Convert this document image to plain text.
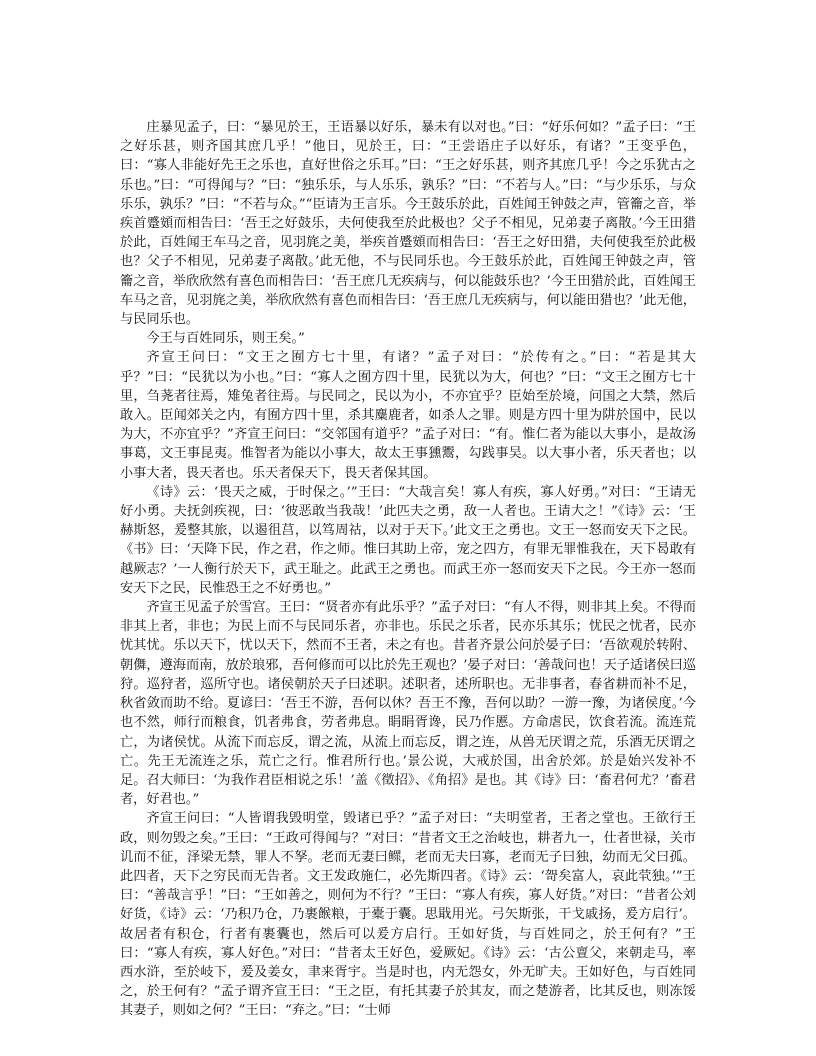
庄暴见孟子，曰：“暴见於王，王语暴以好乐，暴未有以对也。”曰：“好乐何如？”孟子曰：“王之好乐甚，则齐国其庶几乎！”他日，见於王，曰：“王尝语庄子以好乐，有诸？”王变乎色，曰：“寡人非能好先王之乐也，直好世俗之乐耳。”曰：“王之好乐甚，则齐其庶几乎！今之乐犹古之乐也。”曰：“可得闻与？”曰：“独乐乐，与人乐乐，孰乐？”曰：“不若与人。”曰：“与少乐乐，与众乐乐，孰乐？”曰：“不若与众。”“臣请为王言乐。今王鼓乐於此，百姓闻王钟鼓之声，管籥之音，举疾首蹙頞而相告曰：‘吾王之好鼓乐，夫何使我至於此极也？父子不相见，兄弟妻子离散。’今王田猎於此，百姓闻王车马之音，见羽旄之美，举疾首蹙頞而相告曰：‘吾王之好田猎，夫何使我至於此极也？父子不相见，兄弟妻子离散。’此无他，不与民同乐也。今王鼓乐於此，百姓闻王钟鼓之声，管籥之音，举欣欣然有喜色而相告曰：‘吾王庶几无疾病与，何以能鼓乐也？’今王田猎於此，百姓闻王车马之音，见羽旄之美，举欣欣然有喜色而相告曰：‘吾王庶几无疾病与，何以能田猎也？’此无他，与民同乐也。

今王与百姓同乐，则王矣。”

齐宣王问曰：“文王之囿方七十里，有诸？”孟子对曰：“於传有之。”曰：“若是其大乎？”曰：“民犹以为小也。”曰：“寡人之囿方四十里，民犹以为大，何也？”曰：“文王之囿方七十里，刍荛者往焉，雉兔者往焉。与民同之，民以为小，不亦宜乎？臣始至於境，问国之大禁，然后敢入。臣闻郊关之内，有囿方四十里，杀其麋鹿者，如杀人之罪。则是方四十里为阱於国中，民以为大，不亦宜乎？”齐宣王问曰：“交邻国有道乎？”孟子对曰：“有。惟仁者为能以大事小，是故汤事葛，文王事昆夷。惟智者为能以小事大，故太王事獯鬻，勾践事吴。以大事小者，乐天者也；以小事大者，畏天者也。乐天者保天下，畏天者保其国。

《诗》云：‘畏天之威，于时保之。’”王曰：“大哉言矣！寡人有疾，寡人好勇。”对曰：“王请无好小勇。夫抚剑疾视，曰：‘彼恶敢当我哉！’此匹夫之勇，敌一人者也。王请大之！”《诗》云：‘王赫斯怒，爰整其旅，以遏徂莒，以笃周祜，以对于天下。’此文王之勇也。文王一怒而安天下之民。《书》曰：‘天降下民，作之君，作之师。惟曰其助上帝，宠之四方，有罪无罪惟我在，天下曷敢有越厥志？’一人衡行於天下，武王耻之。此武王之勇也。而武王亦一怒而安天下之民。今王亦一怒而安天下之民，民惟恐王之不好勇也。”

齐宣王见孟子於雪宫。王曰：“贤者亦有此乐乎？”孟子对曰：“有人不得，则非其上矣。不得而非其上者，非也；为民上而不与民同乐者，亦非也。乐民之乐者，民亦乐其乐；忧民之忧者，民亦忧其忧。乐以天下，忧以天下，然而不王者，未之有也。昔者齐景公问於晏子曰：‘吾欲观於转附、朝儛，遵海而南，放於琅邪，吾何修而可以比於先王观也？’晏子对曰：‘善哉问也！天子适诸侯曰巡狩。巡狩者，巡所守也。诸侯朝於天子曰述职。述职者，述所职也。无非事者，春省耕而补不足，秋省敛而助不给。夏谚曰：‘吾王不游，吾何以休？吾王不豫，吾何以助？一游一豫，为诸侯度。’今也不然，师行而粮食，饥者弗食，劳者弗息。睊睊胥谗，民乃作慝。方命虐民，饮食若流。流连荒亡，为诸侯忧。从流下而忘反，谓之流，从流上而忘反，谓之连，从兽无厌谓之荒，乐酒无厌谓之亡。先王无流连之乐，荒亡之行。惟君所行也。’景公说，大戒於国，出舍於郊。於是始兴发补不足。召大师曰：‘为我作君臣相说之乐！’盖《徵招》、《角招》是也。其《诗》曰：‘畜君何尤？’畜君者，好君也。”

齐宣王问曰：“人皆谓我毁明堂，毁诸已乎？”孟子对曰：“夫明堂者，王者之堂也。王欲行王政，则勿毁之矣。”王曰：“王政可得闻与？”对曰：“昔者文王之治岐也，耕者九一，仕者世禄，关市讥而不征，泽梁无禁，罪人不孥。老而无妻曰鳏，老而无夫曰寡，老而无子曰独，幼而无父曰孤。此四者，天下之穷民而无告者。文王发政施仁，必先斯四者。《诗》云：‘哿矣富人，哀此茕独。’”王曰：“善哉言乎！”曰：“王如善之，则何为不行？”王曰：“寡人有疾，寡人好货。”对曰：“昔者公刘好货，《诗》云：‘乃积乃仓，乃裹餱粮，于橐于囊。思戢用光。弓矢斯张，干戈戚扬，爰方启行’。故居者有积仓，行者有裹囊也，然后可以爰方启行。王如好货，与百姓同之，於王何有？”王曰：“寡人有疾，寡人好色。”对曰：“昔者太王好色，爱厥妃。《诗》云：‘古公亶父，来朝走马，率西水浒，至於岐下，爰及姜女，聿来胥宇。当是时也，内无怨女，外无旷夫。王如好色，与百姓同之，於王何有？”孟子谓齐宣王曰：“王之臣，有托其妻子於其友，而之楚游者，比其反也，则冻馁其妻子，则如之何？”王曰：“弃之。”曰：“士师
